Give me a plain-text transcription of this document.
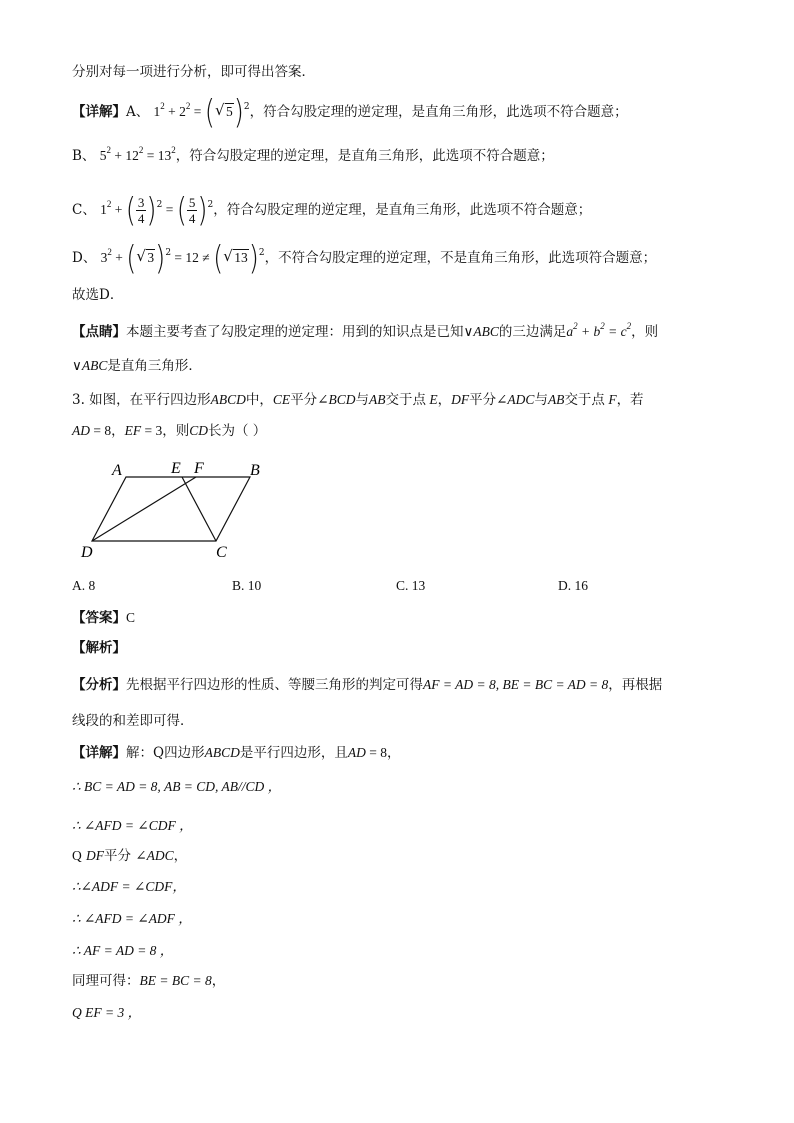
分别对每一项进行分析，即可得出答案．
【详解】A、 $1^2 + 2^2$ = ( √ 5)$^2$，符合勾股定理的逆定理，是直角三角形，此选项不符合题意；
B、 $5^2 + 12^2 = 13^2$，符合勾股定理的逆定理，是直角三角形，此选项不符合题意；
C、 $1^2$ + ( $\frac{3}{4} )^2$ = ( $\frac{5}{4} )^2$，符合勾股定理的逆定理，是直角三角形，此选项不符合题意；
D、 $3^2$ + ( √ 3)$^2$ = 12 ≠ ( √ 13)$^2$，不符合勾股定理的逆定理，不是直角三角形，此选项符合题意；
故选D．
【点睛】本题主要考查了勾股定理的逆定理：用到的知识点是已知∨ABC的三边满足$a^2 + b^2 = c^2$，则
∨ABC是直角三角形．
3. 如图，在平行四边形ABCD中，CE平分∠BCD与AB交于点 E，DF平分∠ADC与AB交于点 F，若
AD = 8，EF = 3，则CD长为（ ）
A	E F	B
D	C
A. 8	B. 10	C. 13	D. 16
【答案】C
【解析】
【分析】先根据平行四边形的性质、等腰三角形的判定可得AF = AD = 8, BE = BC = AD = 8，再根据
线段的和差即可得．
【详解】解：Q四边形ABCD是平行四边形，且AD = 8，
∴ BC = AD = 8, AB = CD, AB//CD ，
∴ ∠AFD = ∠CDF ，
Q DF平分 ∠ADC，
∴∠ADF = ∠CDF，
∴ ∠AFD = ∠ADF ，
∴ AF = AD = 8 ，
同理可得：BE = BC = 8，
Q EF = 3 ，
